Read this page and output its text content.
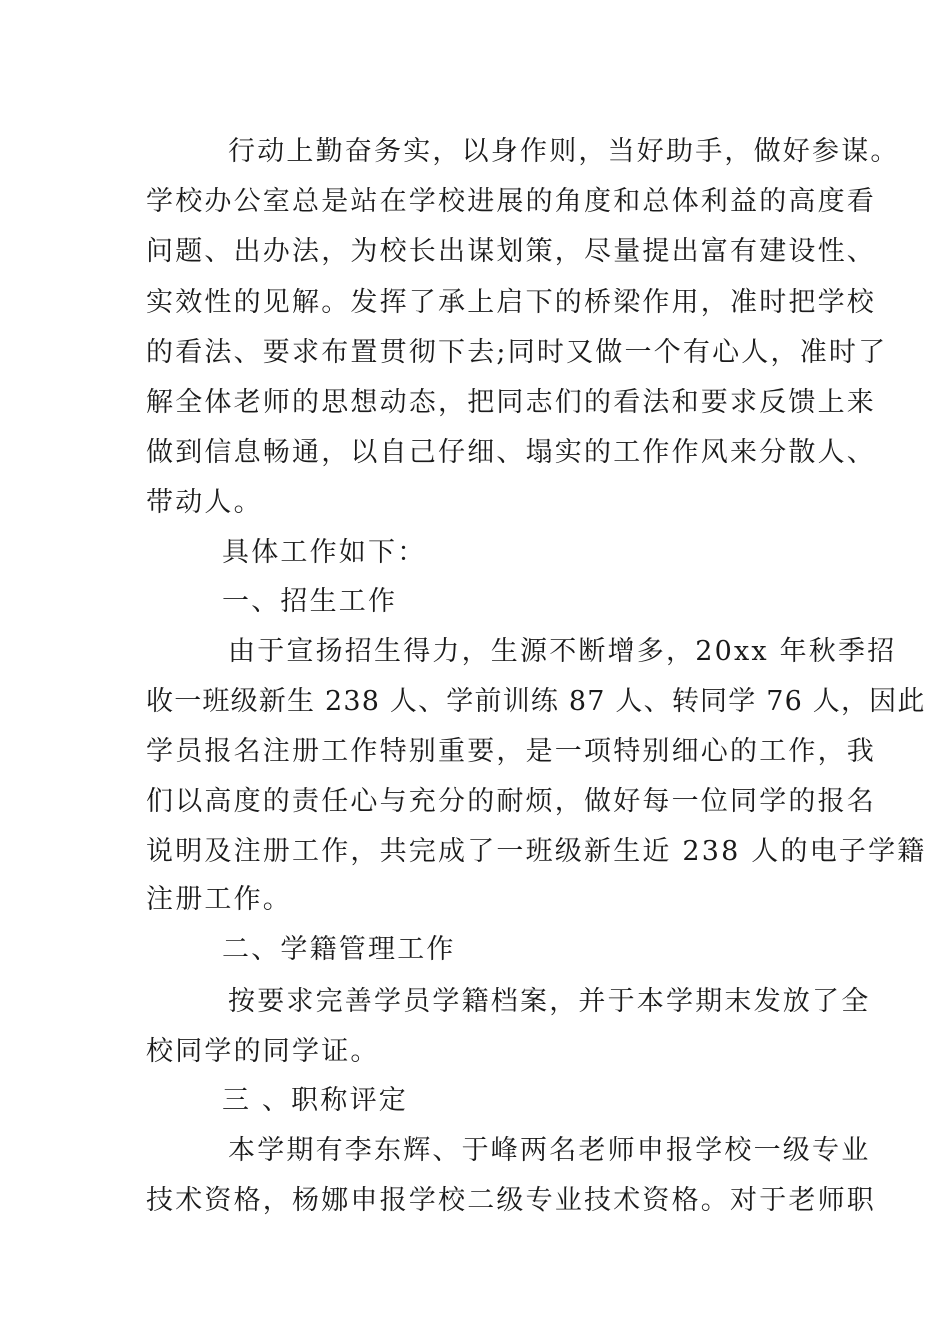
行动上勤奋务实，以身作则，当好助手，做好参谋。
学校办公室总是站在学校进展的角度和总体利益的高度看
问题、出办法，为校长出谋划策，尽量提出富有建设性、
实效性的见解。发挥了承上启下的桥梁作用，准时把学校
的看法、要求布置贯彻下去;同时又做一个有心人，准时了
解全体老师的思想动态，把同志们的看法和要求反馈上来
做到信息畅通，以自己仔细、塌实的工作作风来分散人、
带动人。
具体工作如下：
一、招生工作
由于宣扬招生得力，生源不断增多，20xx 年秋季招
收一班级新生 238 人、学前训练 87 人、转同学 76 人，因此
学员报名注册工作特别重要，是一项特别细心的工作，我
们以高度的责任心与充分的耐烦，做好每一位同学的报名
说明及注册工作，共完成了一班级新生近 238 人的电子学籍
注册工作。
二、学籍管理工作
按要求完善学员学籍档案，并于本学期末发放了全
校同学的同学证。
三 、职称评定
本学期有李东辉、于峰两名老师申报学校一级专业
技术资格，杨娜申报学校二级专业技术资格。对于老师职
